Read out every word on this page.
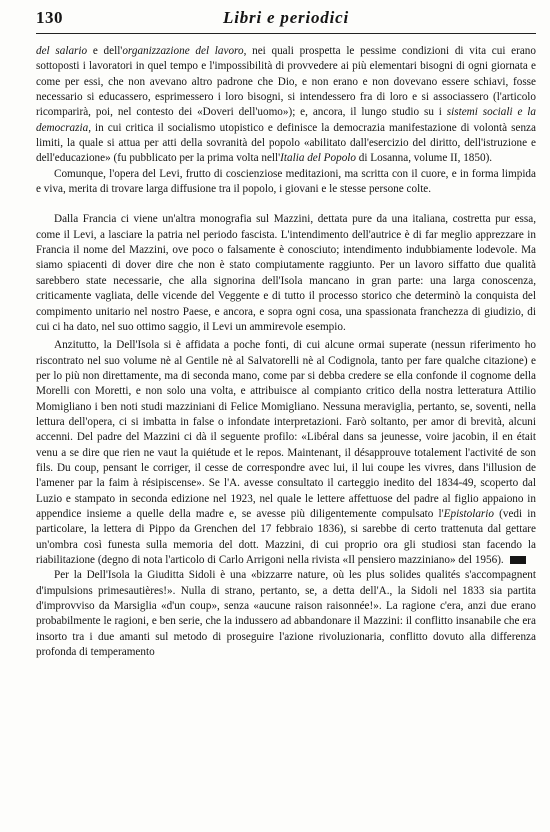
130	Libri e periodici

del salario e dell'organizzazione del lavoro, nei quali prospetta le pessime condizioni di vita cui erano sottoposti i lavoratori in quel tempo e l'impossibilità di provvedere ai più elementari bisogni di ogni giornata e come per essi, che non avevano altro padrone che Dio, e non erano e non dovevano essere schiavi, fosse necessario si educassero, esprimessero i loro bisogni, si intendessero fra di loro e si associassero (l'articolo ricomparirà, poi, nel contesto dei «Doveri dell'uomo»); e, ancora, il lungo studio su i sistemi sociali e la democrazia, in cui critica il socialismo utopistico e definisce la democrazia manifestazione di volontà senza limiti, la quale si attua per atti della sovranità del popolo «abilitato dall'esercizio del diritto, dell'istruzione e dell'educazione» (fu pubblicato per la prima volta nell'Italia del Popolo di Losanna, volume II, 1850).

Comunque, l'opera del Levi, frutto di coscienziose meditazioni, ma scritta con il cuore, e in forma limpida e viva, merita di trovare larga diffusione tra il popolo, i giovani e le stesse persone colte.

Dalla Francia ci viene un'altra monografia sul Mazzini, dettata pure da una italiana, costretta pur essa, come il Levi, a lasciare la patria nel periodo fascista. L'intendimento dell'autrice è di far meglio apprezzare in Francia il nome del Mazzini, ove poco o falsamente è conosciuto; intendimento indubbiamente lodevole. Ma siamo spiacenti di dover dire che non è stato compiutamente raggiunto. Per un lavoro siffatto due qualità sarebbero state necessarie, che alla signorina dell'Isola mancano in gran parte: una larga conoscenza, criticamente vagliata, delle vicende del Veggente e di tutto il processo storico che determinò la conquista del compimento unitario nel nostro Paese, e ancora, e sopra ogni cosa, una spassionata franchezza di giudizio, di cui ci ha dato, nel suo ottimo saggio, il Levi un ammirevole esempio.

Anzitutto, la Dell'Isola si è affidata a poche fonti, di cui alcune ormai superate (nessun riferimento ho riscontrato nel suo volume nè al Gentile nè al Salvatorelli nè al Codignola, tanto per fare qualche citazione) e per lo più non direttamente, ma di seconda mano, come par si debba credere se ella confonde il cognome della Morelli con Moretti, e non solo una volta, e attribuisce al compianto critico della nostra letteratura Attilio Momigliano i ben noti studi mazziniani di Felice Momigliano. Nessuna meraviglia, pertanto, se, soventi, nella lettura dell'opera, ci si imbatta in false o infondate interpretazioni. Farò soltanto, per amor di brevità, alcuni accenni. Del padre del Mazzini ci dà il seguente profilo: «Libéral dans sa jeunesse, voire jacobin, il en était venu a se dire que rien ne vaut la quiétude et le repos. Maintenant, il désapprouve totalement l'activité de son fils. Du coup, pensant le corriger, il cesse de correspondre avec lui, il lui coupe les vivres, dans l'illusion de l'amener par la faim à résipiscense». Se l'A. avesse consultato il carteggio inedito del 1834-49, scoperto dal Luzio e stampato in seconda edizione nel 1923, nel quale le lettere affettuose del padre al figlio appaiono in appendice insieme a quelle della madre e, se avesse più diligentemente compulsato l'Epistolario (vedi in particolare, la lettera di Pippo da Grenchen del 17 febbraio 1836), si sarebbe di certo trattenuta dal gettare un'ombra così funesta sulla memoria del dott. Mazzini, di cui proprio ora gli studiosi stan facendo la riabilitazione (degno di nota l'articolo di Carlo Arrigoni nella rivista «Il pensiero mazziniano» del 1956).

Per la Dell'Isola la Giuditta Sidoli è una «bizzarre nature, où les plus solides qualités s'accompagnent d'impulsions primesautières!». Nulla di strano, pertanto, se, a detta dell'A., la Sidoli nel 1833 sia partita d'improvviso da Marsiglia «d'un coup», senza «aucune raison raisonnée!». La ragione c'era, anzi due erano probabilmente le ragioni, e ben serie, che la indussero ad abbandonare il Mazzini: il conflitto insanabile che era insorto tra i due amanti sul metodo di proseguire l'azione rivoluzionaria, conflitto dovuto alla differenza profonda di temperamento
